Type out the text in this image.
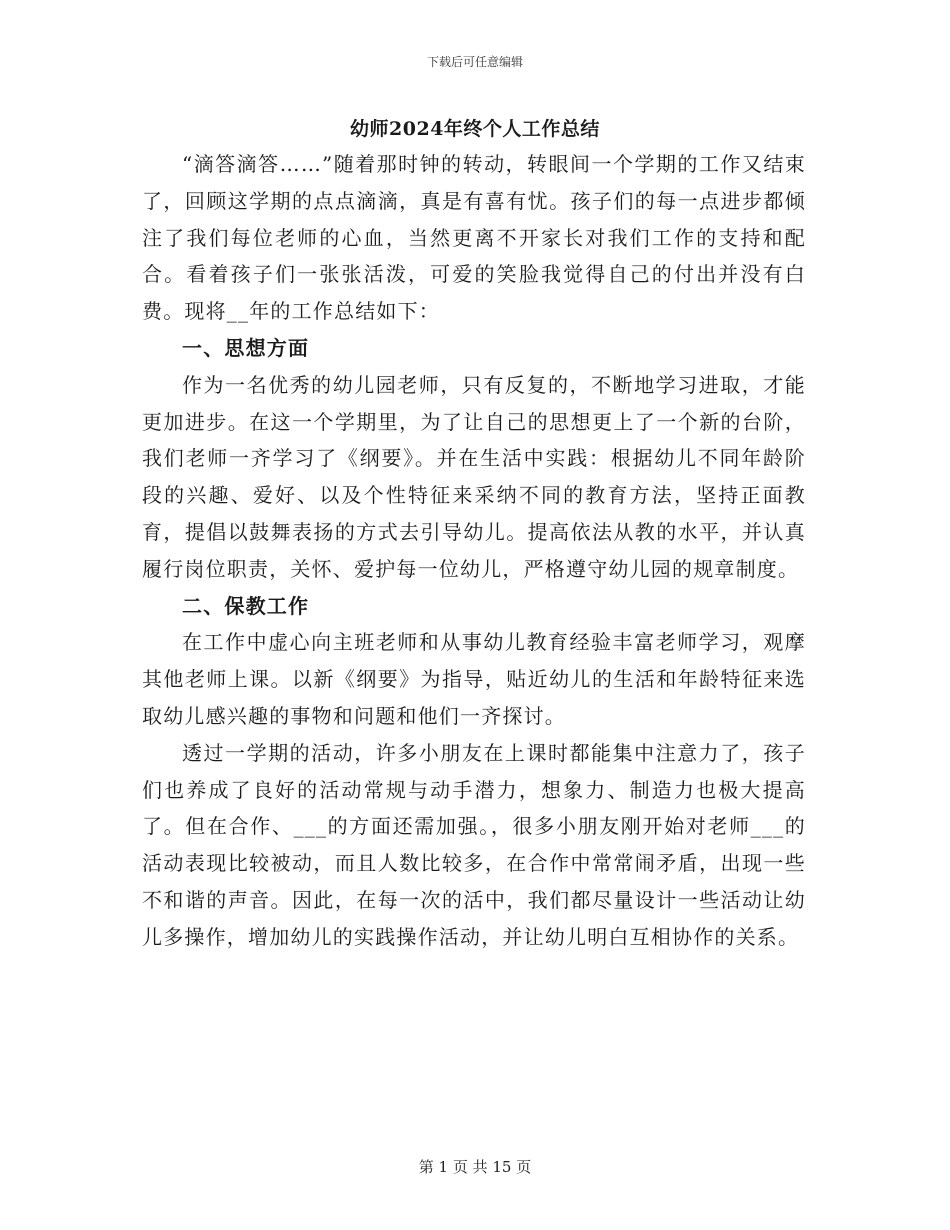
下载后可任意编辑
幼师2024年终个人工作总结

“滴答滴答……”随着那时钟的转动，转眼间一个学期的工作又结束了，回顾这学期的点点滴滴，真是有喜有忧。孩子们的每一点进步都倾注了我们每位老师的心血，当然更离不开家长对我们工作的支持和配合。看着孩子们一张张活泼，可爱的笑脸我觉得自己的付出并没有白费。现将__年的工作总结如下：

一、思想方面

作为一名优秀的幼儿园老师，只有反复的，不断地学习进取，才能更加进步。在这一个学期里，为了让自己的思想更上了一个新的台阶，我们老师一齐学习了《纲要》。并在生活中实践：根据幼儿不同年龄阶段的兴趣、爱好、以及个性特征来采纳不同的教育方法，坚持正面教育，提倡以鼓舞表扬的方式去引导幼儿。提高依法从教的水平，并认真履行岗位职责，关怀、爱护每一位幼儿，严格遵守幼儿园的规章制度。

二、保教工作

在工作中虚心向主班老师和从事幼儿教育经验丰富老师学习，观摩其他老师上课。以新《纲要》为指导，贴近幼儿的生活和年龄特征来选取幼儿感兴趣的事物和问题和他们一齐探讨。

透过一学期的活动，许多小朋友在上课时都能集中注意力了，孩子们也养成了良好的活动常规与动手潜力，想象力、制造力也极大提高了。但在合作、___的方面还需加强。，很多小朋友刚开始对老师___的活动表现比较被动，而且人数比较多，在合作中常常闹矛盾，出现一些不和谐的声音。因此，在每一次的活中，我们都尽量设计一些活动让幼儿多操作，增加幼儿的实践操作活动，并让幼儿明白互相协作的关系。

第 1 页 共 15 页
